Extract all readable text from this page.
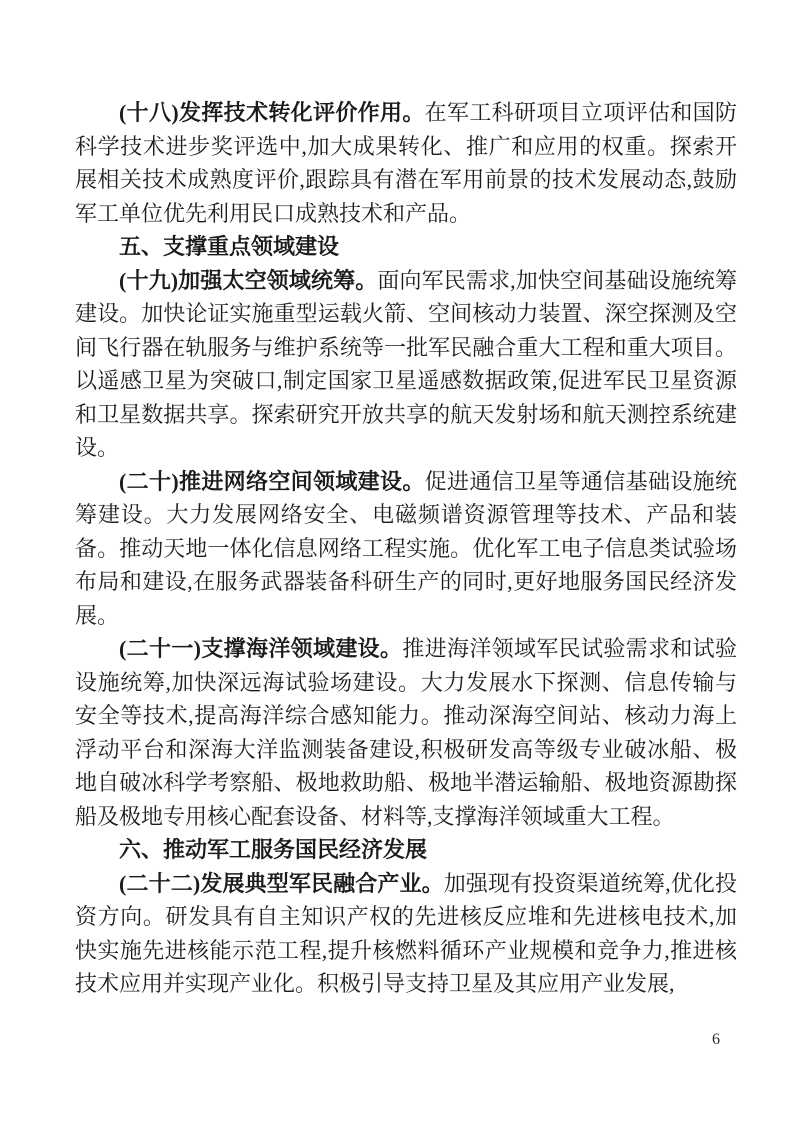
(十八)发挥技术转化评价作用。在军工科研项目立项评估和国防科学技术进步奖评选中,加大成果转化、推广和应用的权重。探索开展相关技术成熟度评价,跟踪具有潜在军用前景的技术发展动态,鼓励军工单位优先利用民口成熟技术和产品。

五、支撑重点领域建设

(十九)加强太空领域统筹。面向军民需求,加快空间基础设施统筹建设。加快论证实施重型运载火箭、空间核动力装置、深空探测及空间飞行器在轨服务与维护系统等一批军民融合重大工程和重大项目。以遥感卫星为突破口,制定国家卫星遥感数据政策,促进军民卫星资源和卫星数据共享。探索研究开放共享的航天发射场和航天测控系统建设。

(二十)推进网络空间领域建设。促进通信卫星等通信基础设施统筹建设。大力发展网络安全、电磁频谱资源管理等技术、产品和装备。推动天地一体化信息网络工程实施。优化军工电子信息类试验场布局和建设,在服务武器装备科研生产的同时,更好地服务国民经济发展。

(二十一)支撑海洋领域建设。推进海洋领域军民试验需求和试验设施统筹,加快深远海试验场建设。大力发展水下探测、信息传输与安全等技术,提高海洋综合感知能力。推动深海空间站、核动力海上浮动平台和深海大洋监测装备建设,积极研发高等级专业破冰船、极地自破冰科学考察船、极地救助船、极地半潜运输船、极地资源勘探船及极地专用核心配套设备、材料等,支撑海洋领域重大工程。

六、推动军工服务国民经济发展

(二十二)发展典型军民融合产业。加强现有投资渠道统筹,优化投资方向。研发具有自主知识产权的先进核反应堆和先进核电技术,加快实施先进核能示范工程,提升核燃料循环产业规模和竞争力,推进核技术应用并实现产业化。积极引导支持卫星及其应用产业发展,

6
